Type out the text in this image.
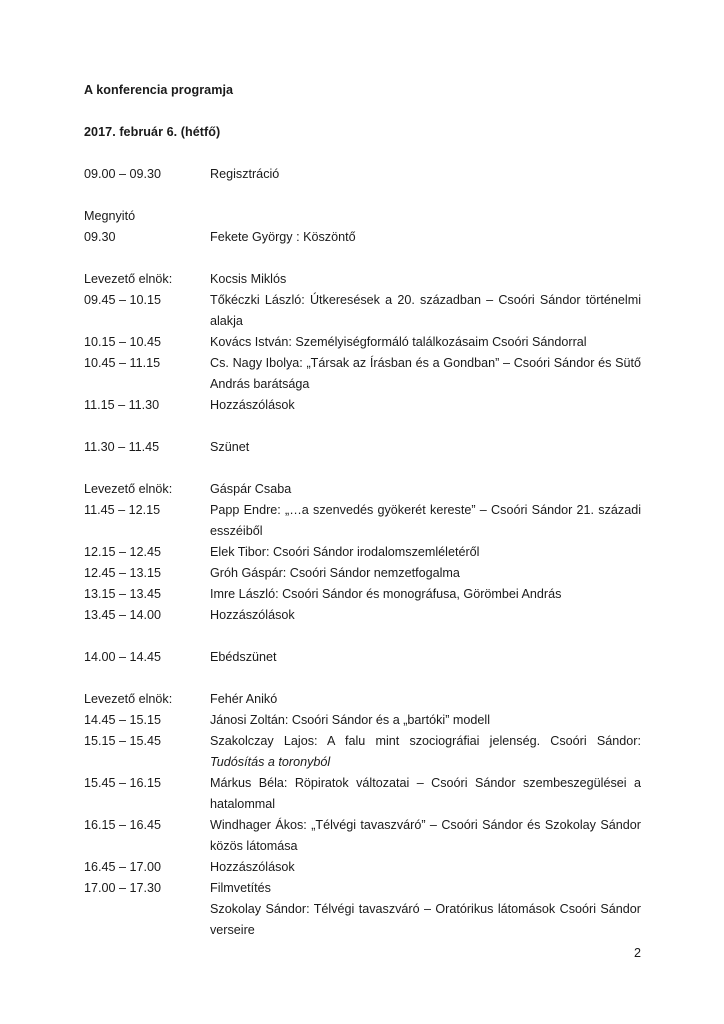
A konferencia programja

2017. február 6. (hétfő)

09.00 – 09.30	Regisztráció
Megnyitó
09.30	Fekete György : Köszöntő
Levezető elnök:	Kocsis Miklós
09.45 – 10.15	Tőkéczki László: Útkeresések a 20. században – Csoóri Sándor történelmi alakja
10.15 – 10.45	Kovács István: Személyiségformáló találkozásaim Csoóri Sándorral
10.45 – 11.15	Cs. Nagy Ibolya: „Társak az Írásban és a Gondban” – Csoóri Sándor és Sütő András barátsága
11.15 – 11.30	Hozzászólások
11.30 – 11.45	Szünet
Levezető elnök:	Gáspár Csaba
11.45 – 12.15	Papp Endre: „…a szenvedés gyökerét kereste” – Csoóri Sándor 21. századi esszéiből
12.15 – 12.45	Elek Tibor: Csoóri Sándor irodalomszemléletéről
12.45 – 13.15	Gróh Gáspár: Csoóri Sándor nemzetfogalma
13.15 – 13.45	Imre László: Csoóri Sándor és monográfusa, Görömbei András
13.45 – 14.00	Hozzászólások
14.00 – 14.45	Ebédszünet
Levezető elnök:	Fehér Anikó
14.45 – 15.15	Jánosi Zoltán: Csoóri Sándor és a „bartóki” modell
15.15 – 15.45	Szakolczay Lajos: A falu mint szociográfiai jelenség. Csoóri Sándor: Tudósítás a toronyból
15.45 – 16.15	Márkus Béla: Röpiratok változatai – Csoóri Sándor szembeszegülései a hatalommal
16.15 – 16.45	Windhager Ákos: „Télvégi tavaszváró” – Csoóri Sándor és Szokolay Sándor közös látomása
16.45 – 17.00	Hozzászólások
17.00 – 17.30	Filmvetítés
Szokolay Sándor: Télvégi tavaszváró – Oratórikus látomások Csoóri Sándor verseire
2
